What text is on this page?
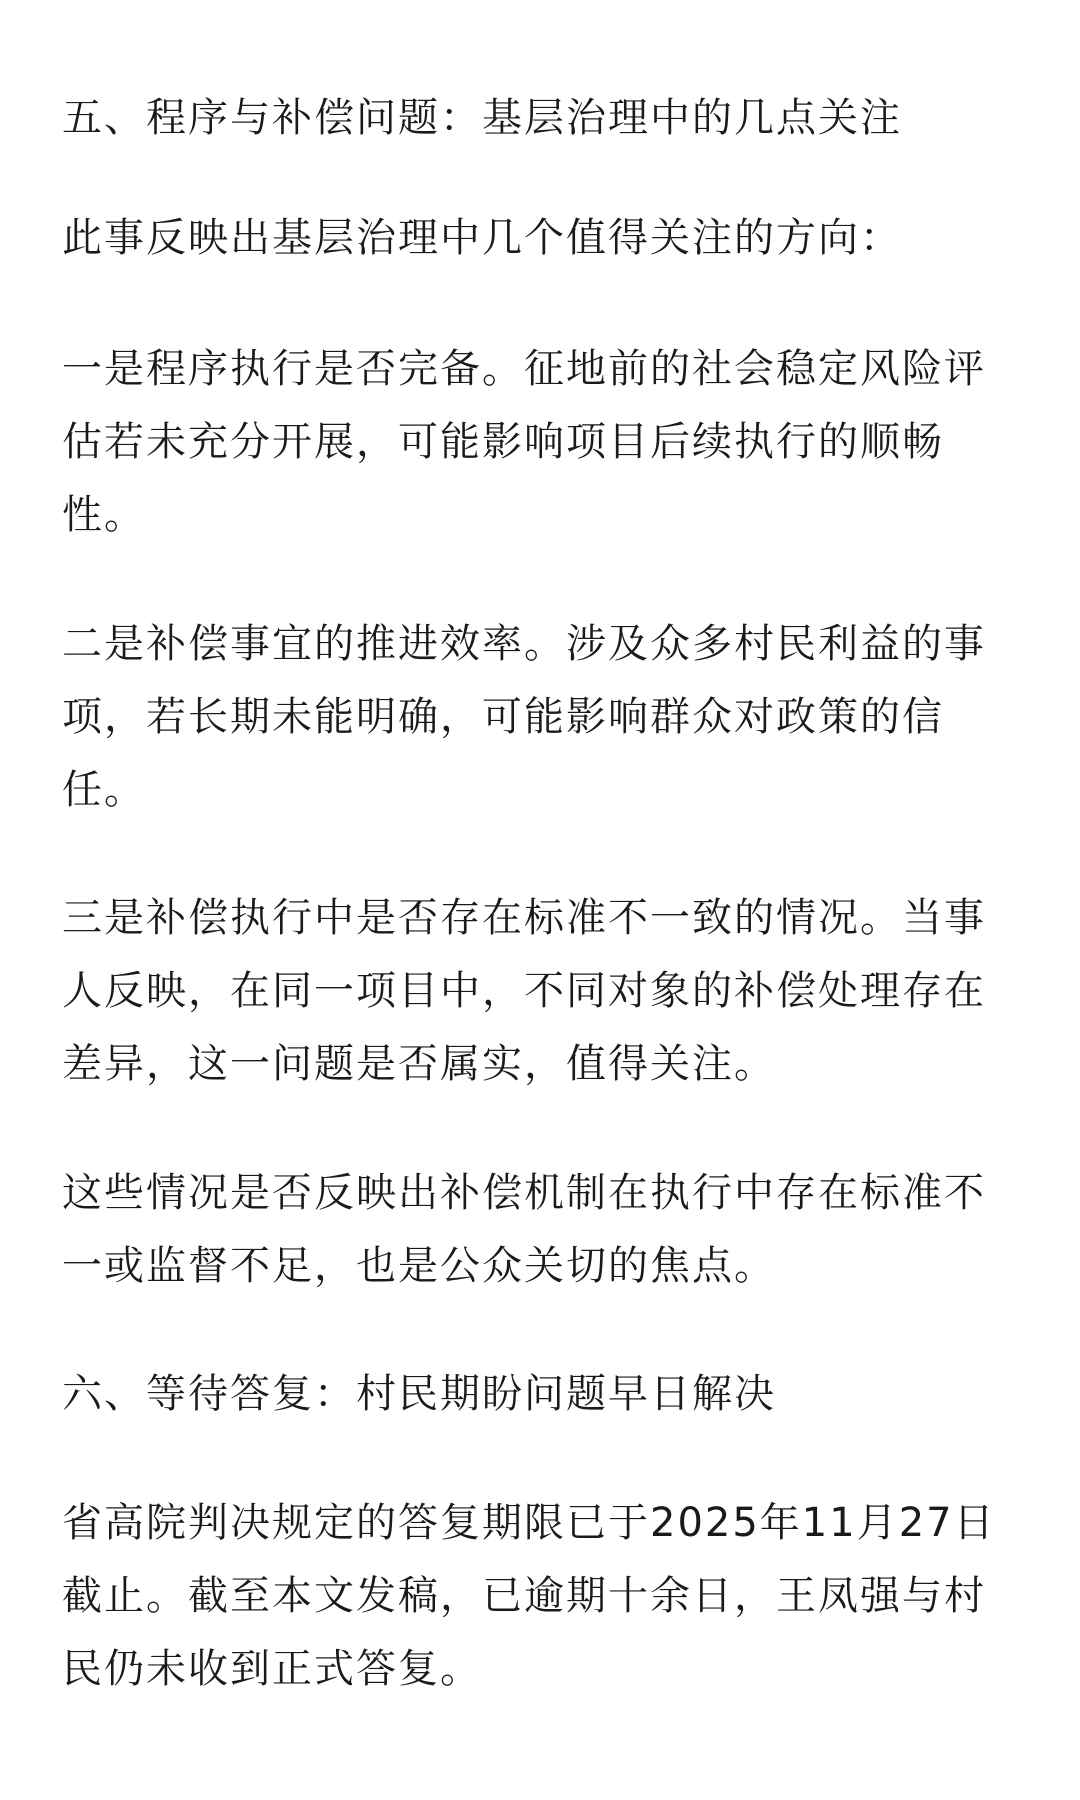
五、程序与补偿问题：基层治理中的几点关注

此事反映出基层治理中几个值得关注的方向：

一是程序执行是否完备。征地前的社会稳定风险评估若未充分开展，可能影响项目后续执行的顺畅性。

二是补偿事宜的推进效率。涉及众多村民利益的事项，若长期未能明确，可能影响群众对政策的信任。

三是补偿执行中是否存在标准不一致的情况。当事人反映，在同一项目中，不同对象的补偿处理存在差异，这一问题是否属实，值得关注。

这些情况是否反映出补偿机制在执行中存在标准不一或监督不足，也是公众关切的焦点。

六、等待答复：村民期盼问题早日解决

省高院判决规定的答复期限已于2025年11月27日截止。截至本文发稿，已逾期十余日，王凤强与村民仍未收到正式答复。
